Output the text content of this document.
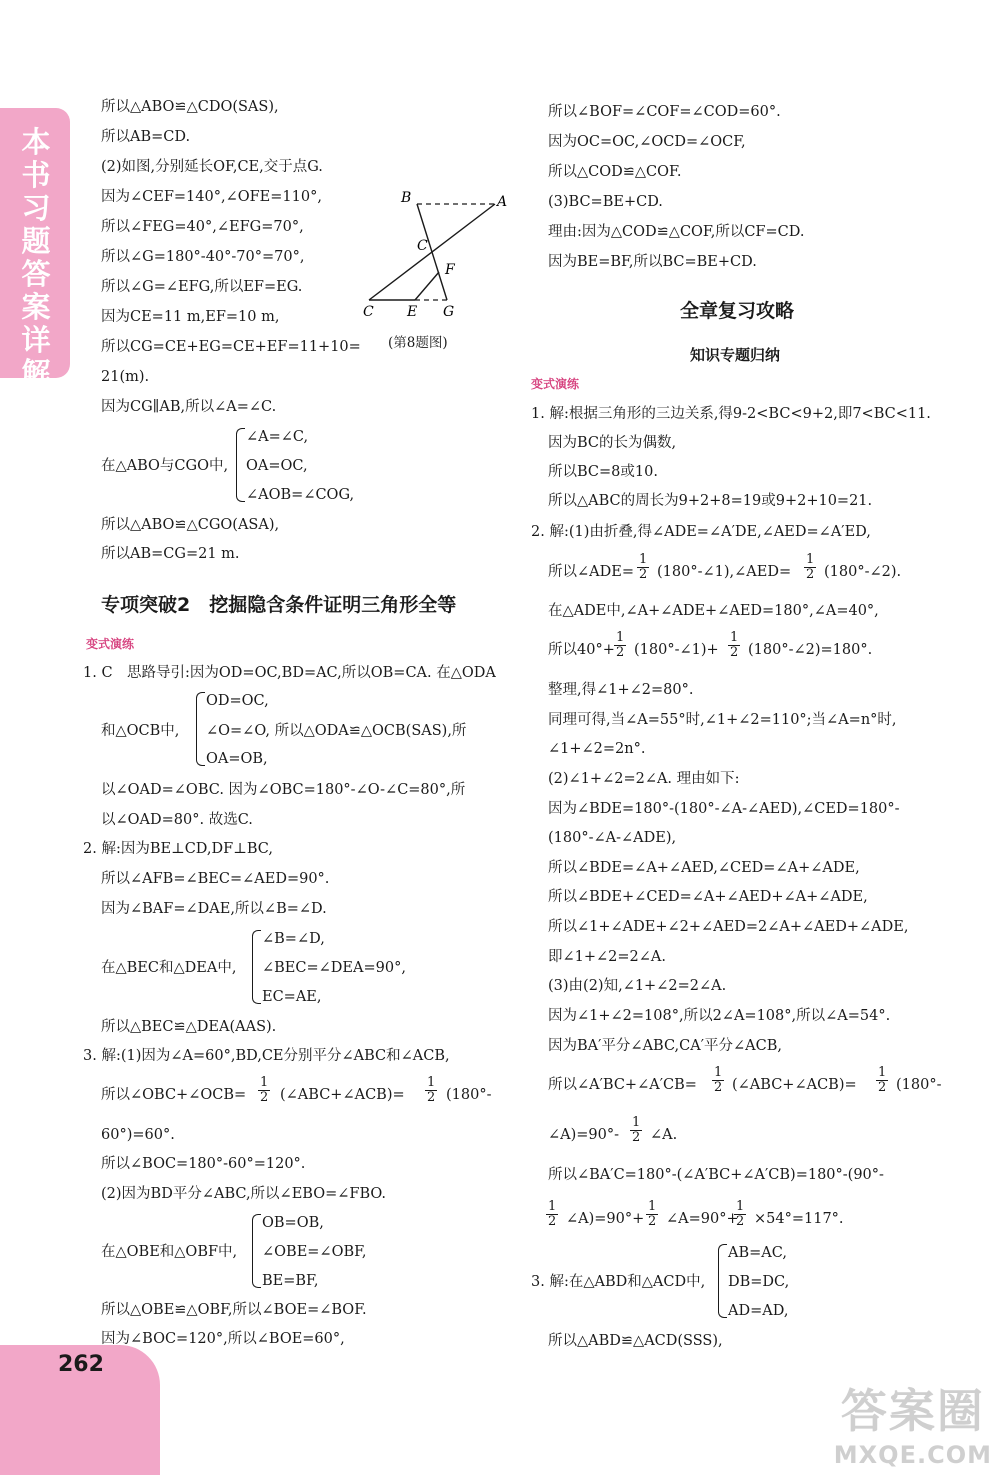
本书习题答案详解
262
所以△ABO≌△CDO(SAS),
所以AB=CD.
(2)如图,分别延长OF,CE,交于点G.
因为∠CEF=140°,∠OFE=110°,
所以∠FEG=40°,∠EFG=70°,
所以∠G=180°-40°-70°=70°,
所以∠G=∠EFG,所以EF=EG.
因为CE=11 m,EF=10 m,
所以CG=CE+EG=CE+EF=11+10=
21(m).
因为CG∥AB,所以∠A=∠C.
B	A
C
F
C E G
(第8题图)
在△ABO与CGO中,
∠A=∠C,
OA=OC,
∠AOB=∠COG,
所以△ABO≌△CGO(ASA),
所以AB=CG=21 m.
专项突破2　挖掘隐含条件证明三角形全等
变式演练
1. C　思路导引:因为OD=OC,BD=AC,所以OB=CA. 在△ODA
和△OCB中,
OD=OC,
∠O=∠O, 所以△ODA≌△OCB(SAS),所
OA=OB,
以∠OAD=∠OBC. 因为∠OBC=180°-∠O-∠C=80°,所
以∠OAD=80°. 故选C.
2. 解:因为BE⊥CD,DF⊥BC,
所以∠AFB=∠BEC=∠AED=90°.
因为∠BAF=∠DAE,所以∠B=∠D.
在△BEC和△DEA中,
∠B=∠D,
∠BEC=∠DEA=90°,
EC=AE,
所以△BEC≌△DEA(AAS).
3. 解:(1)因为∠A=60°,BD,CE分别平分∠ABC和∠ACB,
所以∠OBC+∠OCB= $\frac{1}{2}$ (∠ABC+∠ACB)= $\frac{1}{2} (180^\circ-$
60°)=60°.
所以∠BOC=180°-60°=120°.
(2)因为BD平分∠ABC,所以∠EBO=∠FBO.
在△OBE和△OBF中,
OB=OB,
∠OBE=∠OBF,
BE=BF,
所以△OBE≌△OBF,所以∠BOE=∠BOF.
因为∠BOC=120°,所以∠BOE=60°,
所以∠BOF=∠COF=∠COD=60°.
因为OC=OC,∠OCD=∠OCF,
所以△COD≌△COF.
(3)BC=BE+CD.
理由:因为△COD≌△COF,所以CF=CD.
因为BE=BF,所以BC=BE+CD.
全章复习攻略
知识专题归纳
变式演练
1. 解:根据三角形的三边关系,得9-2<BC<9+2,即7<BC<11.
因为BC的长为偶数,
所以BC=8或10.
所以△ABC的周长为9+2+8=19或9+2+10=21.
2. 解:(1)由折叠,得∠ADE=∠A′DE,∠AED=∠A′ED,
所以∠ADE= $\frac{1}{2}$ (180°-∠1),∠AED= $\frac{1}{2}$ (180°-∠2).
在△ADE中,∠A+∠ADE+∠AED=180°,∠A=40°,
所以$40^\circ+ \frac{1}{2}$ (180°-∠1)+ $\frac{1}{2}$ (180°-∠2)=180°.
整理,得∠1+∠2=80°.
同理可得,当∠A=55°时,∠1+∠2=110°;当∠A=n°时,
∠1+∠2=2n°.
(2)∠1+∠2=2∠A. 理由如下:
因为∠BDE=180°-(180°-∠A-∠AED),∠CED=180°-
(180°-∠A-∠ADE),
所以∠BDE=∠A+∠AED,∠CED=∠A+∠ADE,
所以∠BDE+∠CED=∠A+∠AED+∠A+∠ADE,
所以∠1+∠ADE+∠2+∠AED=2∠A+∠AED+∠ADE,
即∠1+∠2=2∠A.
(3)由(2)知,∠1+∠2=2∠A.
因为∠1+∠2=108°,所以2∠A=108°,所以∠A=54°.
因为BA′平分∠ABC,CA′平分∠ACB,
所以∠A′BC+∠A′CB= $\frac{1}{2}$ (∠ABC+∠ACB)= $\frac{1}{2} (180^\circ-$
∠A)=90°- $\frac{1}{2}$ ∠A.
所以∠BA′C=180°-(∠A′BC+∠A′CB)=180°-(90°-
$\frac{1}{2}$ ∠A)=90°+ $\frac{1}{2}$ ∠A=90°+
$\frac{1}{2} \times 54^\circ=117^\circ$.
3. 解:在△ABD和△ACD中,
AB=AC,
DB=DC,
AD=AD,
所以△ABD≌△ACD(SSS),
答案圈
MXQE.COM
